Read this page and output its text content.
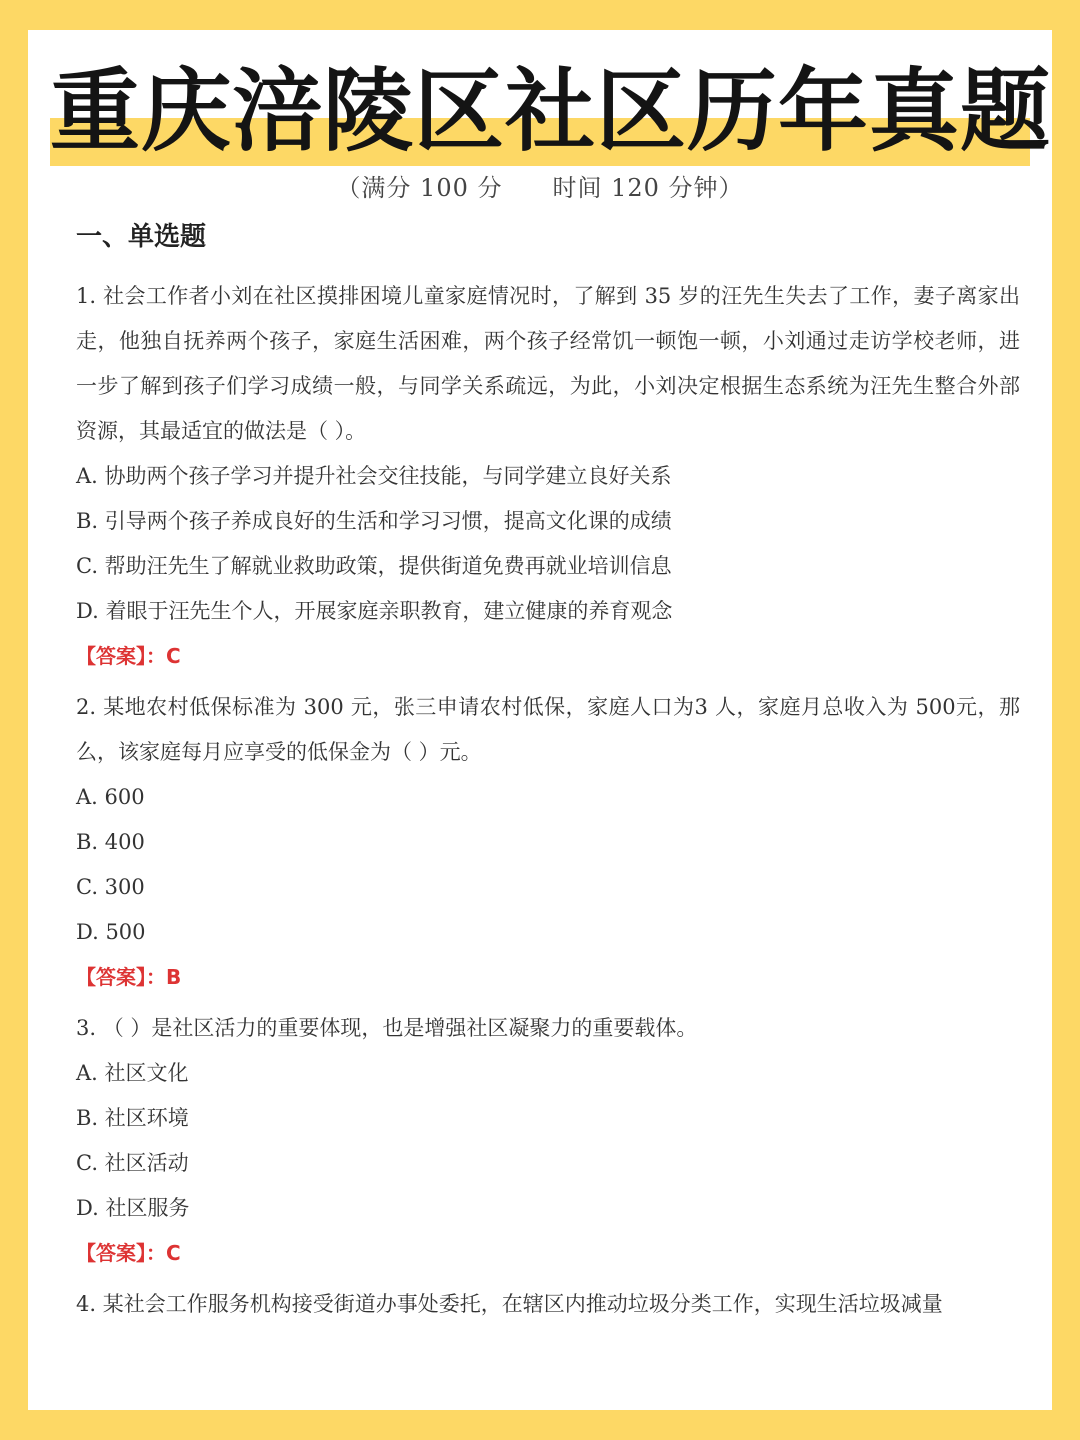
重庆涪陵区社区历年真题
（满分 100 分　　时间 120 分钟）
一、单选题

1. 社会工作者小刘在社区摸排困境儿童家庭情况时，了解到 35 岁的汪先生失去了工作，妻子离家出走，他独自抚养两个孩子，家庭生活困难，两个孩子经常饥一顿饱一顿，小刘通过走访学校老师，进一步了解到孩子们学习成绩一般，与同学关系疏远，为此，小刘决定根据生态系统为汪先生整合外部资源，其最适宜的做法是（ ）。

A. 协助两个孩子学习并提升社会交往技能，与同学建立良好关系

B. 引导两个孩子养成良好的生活和学习习惯，提高文化课的成绩

C. 帮助汪先生了解就业救助政策，提供街道免费再就业培训信息

D. 着眼于汪先生个人，开展家庭亲职教育，建立健康的养育观念

【答案】：C

2. 某地农村低保标准为 300 元，张三申请农村低保，家庭人口为3 人，家庭月总收入为 500元，那么，该家庭每月应享受的低保金为（ ）元。

A. 600

B. 400

C. 300

D. 500

【答案】：B

3. （ ）是社区活力的重要体现，也是增强社区凝聚力的重要载体。

A. 社区文化

B. 社区环境

C. 社区活动

D. 社区服务

【答案】：C

4. 某社会工作服务机构接受街道办事处委托，在辖区内推动垃圾分类工作，实现生活垃圾减量
